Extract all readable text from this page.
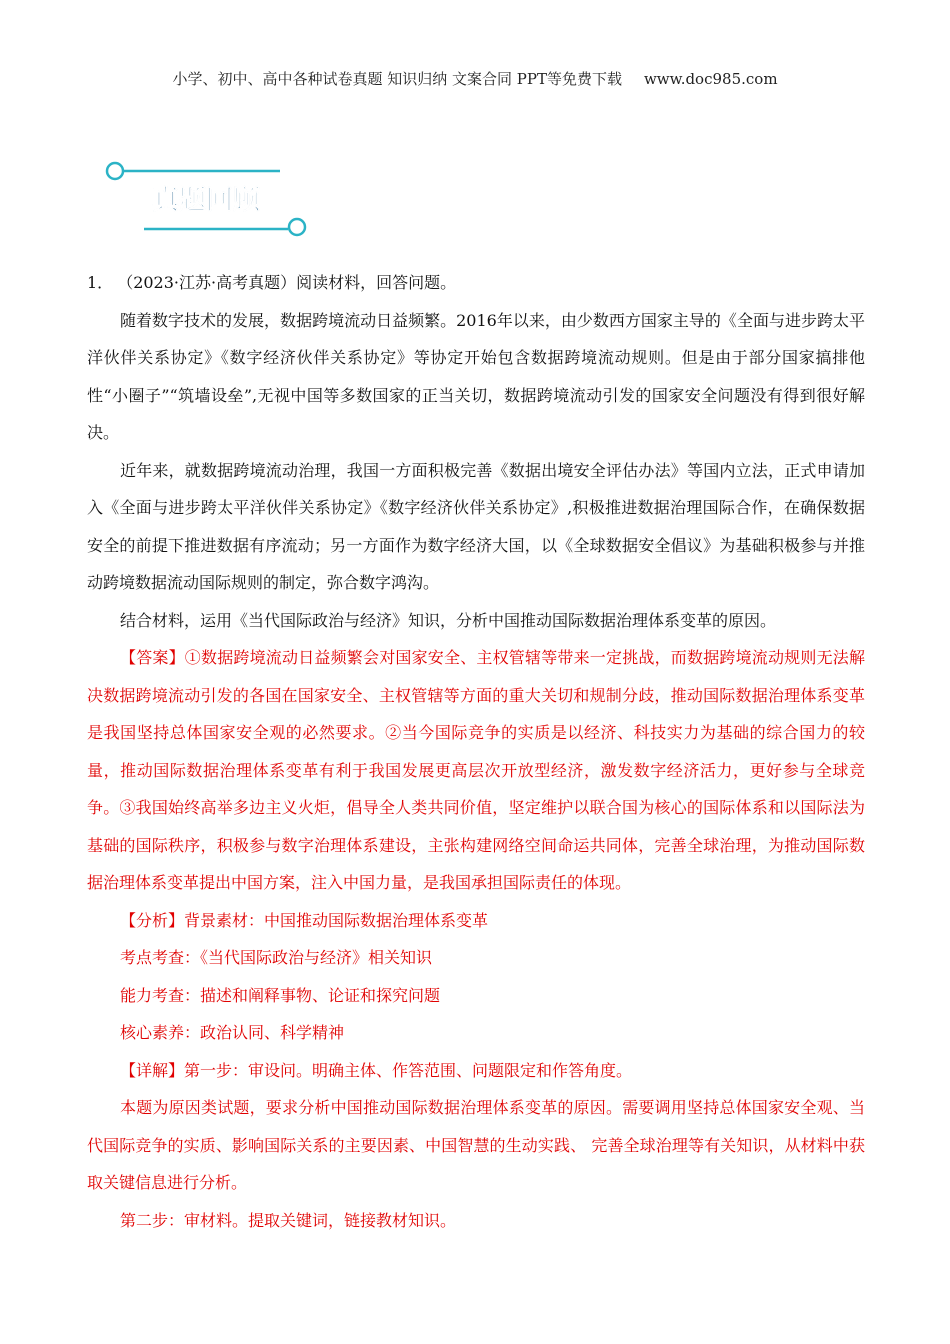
小学、初中、高中各种试卷真题 知识归纳 文案合同 PPT等免费下载 www.doc985.com
真题回顾

1． （2023·江苏·高考真题）阅读材料，回答问题。

随着数字技术的发展，数据跨境流动日益频繁。2016年以来，由少数西方国家主导的《全面与进步跨太平洋伙伴关系协定》《数字经济伙伴关系协定》等协定开始包含数据跨境流动规则。但是由于部分国家搞排他性“小圈子”“筑墙设垒”,无视中国等多数国家的正当关切，数据跨境流动引发的国家安全问题没有得到很好解决。

近年来，就数据跨境流动治理，我国一方面积极完善《数据出境安全评估办法》等国内立法，正式申请加入《全面与进步跨太平洋伙伴关系协定》《数字经济伙伴关系协定》,积极推进数据治理国际合作，在确保数据安全的前提下推进数据有序流动；另一方面作为数字经济大国，以《全球数据安全倡议》为基础积极参与并推动跨境数据流动国际规则的制定，弥合数字鸿沟。

结合材料，运用《当代国际政治与经济》知识，分析中国推动国际数据治理体系变革的原因。

【答案】①数据跨境流动日益频繁会对国家安全、主权管辖等带来一定挑战，而数据跨境流动规则无法解决数据跨境流动引发的各国在国家安全、主权管辖等方面的重大关切和规制分歧，推动国际数据治理体系变革是我国坚持总体国家安全观的必然要求。②当今国际竞争的实质是以经济、科技实力为基础的综合国力的较量，推动国际数据治理体系变革有利于我国发展更高层次开放型经济，激发数字经济活力，更好参与全球竞争。③我国始终高举多边主义火炬，倡导全人类共同价值，坚定维护以联合国为核心的国际体系和以国际法为基础的国际秩序，积极参与数字治理体系建设，主张构建网络空间命运共同体，完善全球治理，为推动国际数据治理体系变革提出中国方案，注入中国力量，是我国承担国际责任的体现。

【分析】背景素材：中国推动国际数据治理体系变革

考点考查：《当代国际政治与经济》相关知识

能力考查：描述和阐释事物、论证和探究问题

核心素养：政治认同、科学精神

【详解】第一步：审设问。明确主体、作答范围、问题限定和作答角度。

本题为原因类试题，要求分析中国推动国际数据治理体系变革的原因。需要调用坚持总体国家安全观、当代国际竞争的实质、影响国际关系的主要因素、中国智慧的生动实践、 完善全球治理等有关知识，从材料中获取关键信息进行分析。

第二步：审材料。提取关键词，链接教材知识。
